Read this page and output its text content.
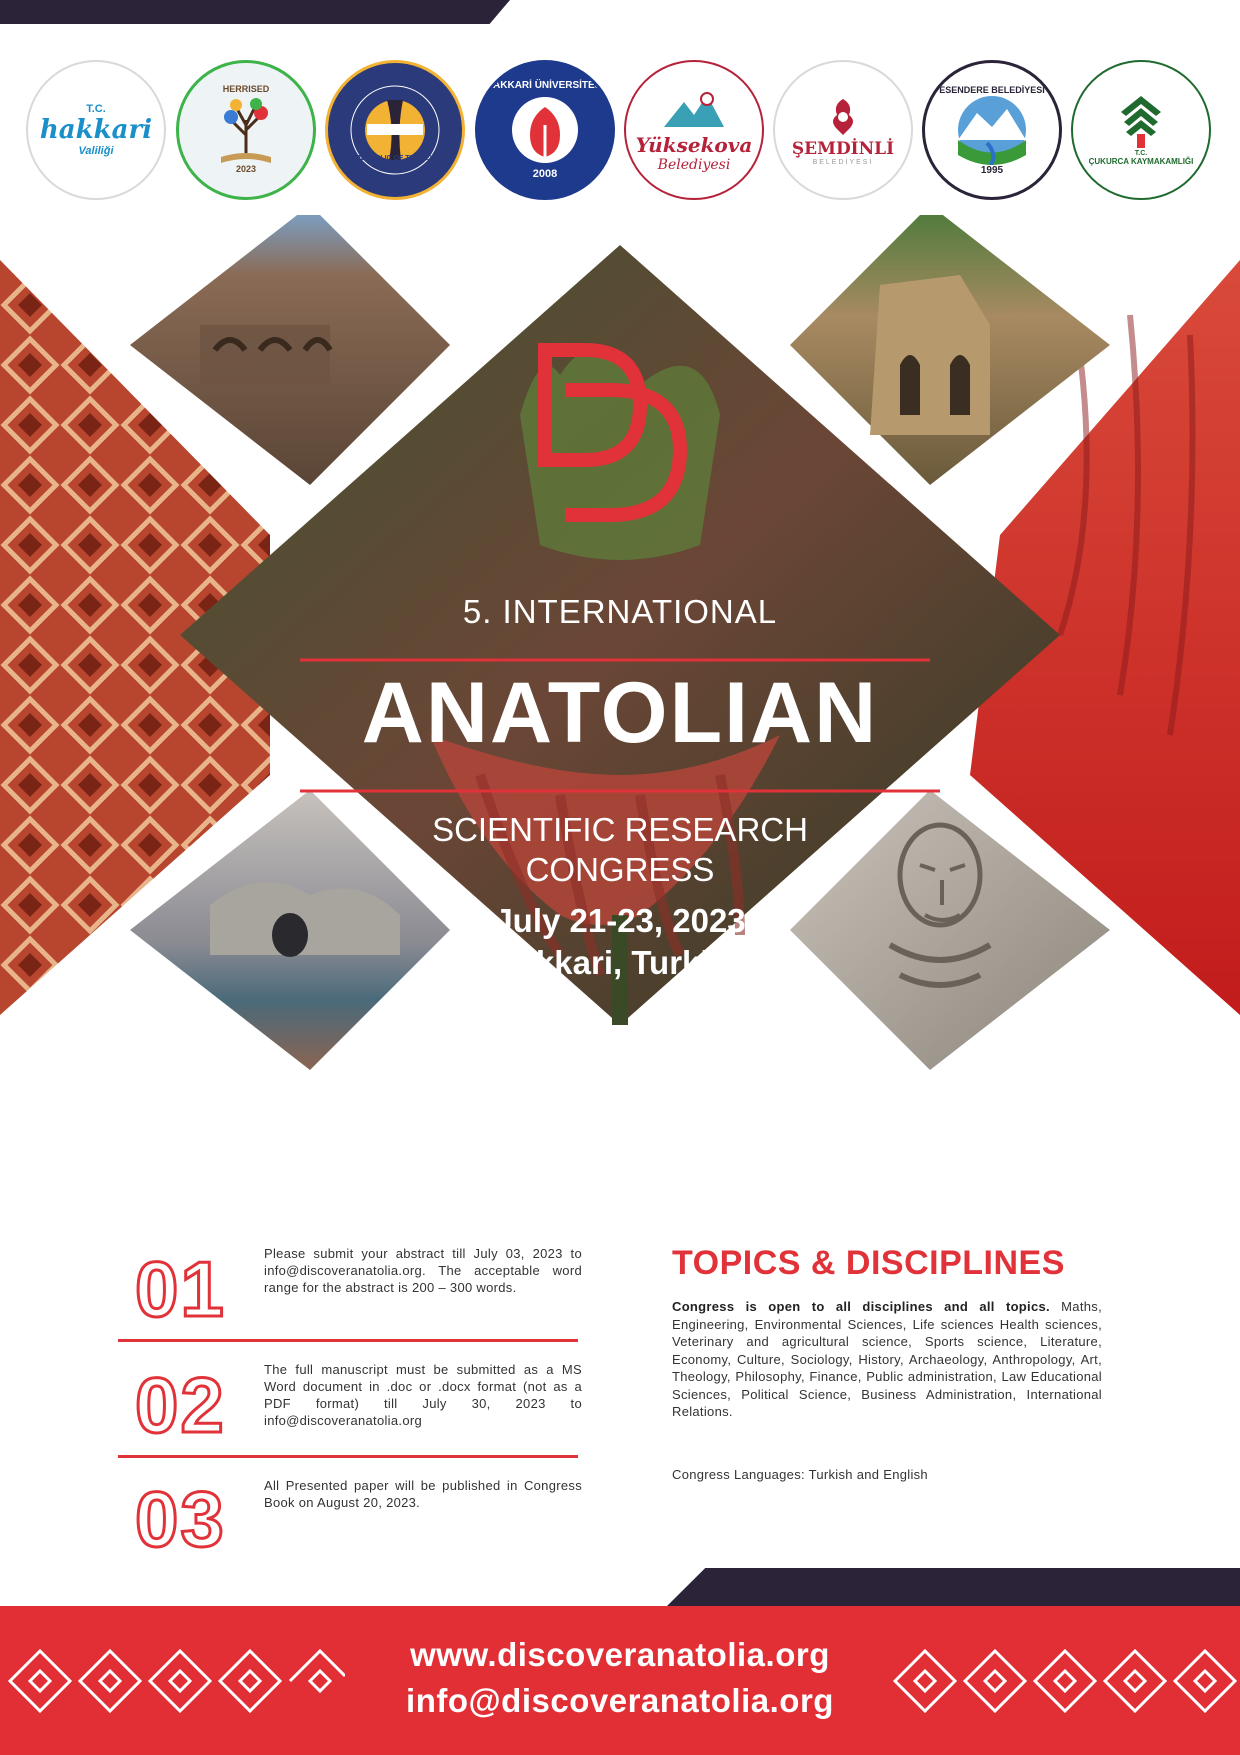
T.C.
hakkari
Valiliği
HERRISED
2023
REPUBLIC OF TURKEY
HAKKARİ ÜNİVERSİTESİ
2008
Yüksekova
Belediyesi
ŞEMDİNLİ
BELEDİYESİ
ESENDERE BELEDİYESİ
1995
T.C.
ÇUKURCA KAYMAKAMLIĞI
5. INTERNATIONAL
ANATOLIAN
SCIENTIFIC RESEARCH
CONGRESS
July 21-23, 2023
Hakkari, Turkiye
01	Please submit your abstract till July 03, 2023 to info@discoveranatolia.org. The acceptable word range for the abstract is 200 – 300 words.
02	The full manuscript must be submitted as a MS Word document in .doc or .docx format (not as a PDF format) till July 30, 2023 to info@discoveranatolia.org
03	All Presented paper will be published in Congress Book on August 20, 2023.
TOPICS & DISCIPLINES
Congress is open to all disciplines and all topics. Maths, Engineering, Environmental Sciences, Life sciences Health sciences, Veterinary and agricultural science, Sports science, Literature, Economy, Culture, Sociology, History, Archaeology, Anthropology, Art, Theology, Philosophy, Finance, Public administration, Law Educational Sciences, Political Science, Business Administration, International Relations.
Congress Languages: Turkish and English
www.discoveranatolia.org
info@discoveranatolia.org
